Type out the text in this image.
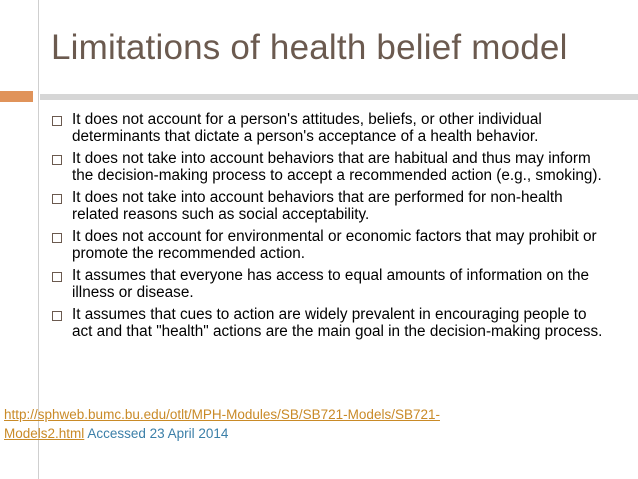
Limitations of health belief model
It does not account for a person's attitudes, beliefs, or other individual determinants that dictate a person's acceptance of a health behavior.
It does not take into account behaviors that are habitual and thus may inform the decision-making process to accept a recommended action (e.g., smoking).
It does not take into account behaviors that are performed for non-health related reasons such as social acceptability.
It does not account for environmental or economic factors that may prohibit or promote the recommended action.
It assumes that everyone has access to equal amounts of information on the illness or disease.
It assumes that cues to action are widely prevalent in encouraging people to act and that "health" actions are the main goal in the decision-making process.

http://sphweb.bumc.bu.edu/otlt/MPH-Modules/SB/SB721-Models/SB721-
Models2.html Accessed 23 April 2014
